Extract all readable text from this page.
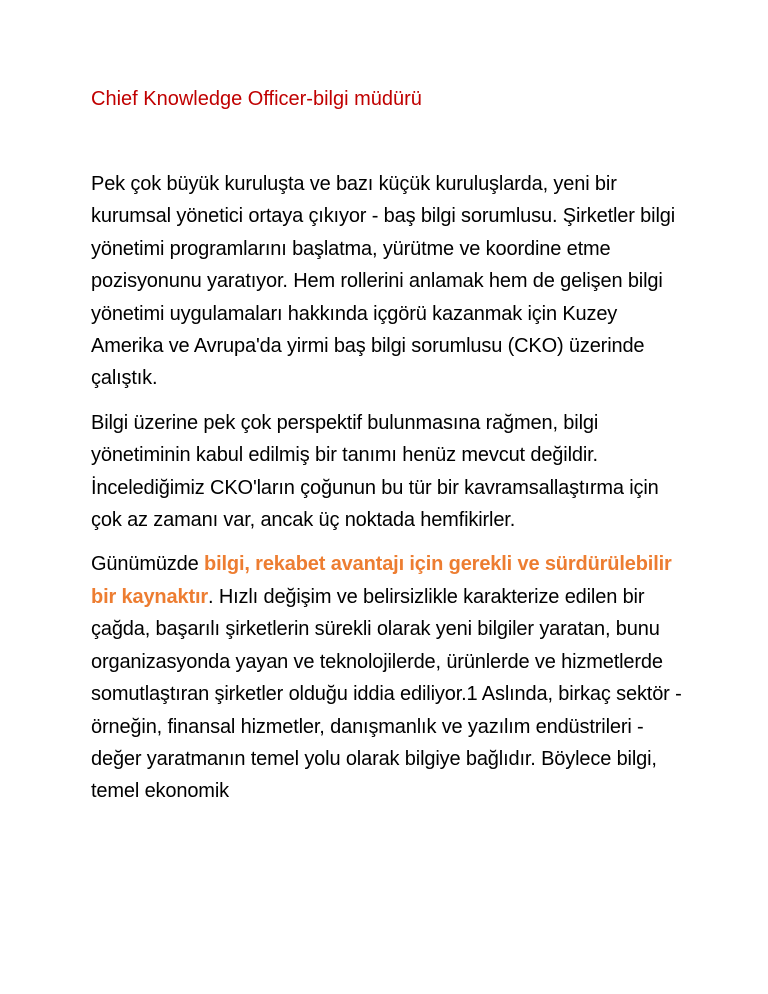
Chief Knowledge Officer-bilgi müdürü

Pek çok büyük kuruluşta ve bazı küçük kuruluşlarda, yeni bir kurumsal yönetici ortaya çıkıyor - baş bilgi sorumlusu. Şirketler bilgi yönetimi programlarını başlatma, yürütme ve koordine etme pozisyonunu yaratıyor. Hem rollerini anlamak hem de gelişen bilgi yönetimi uygulamaları hakkında içgörü kazanmak için Kuzey Amerika ve Avrupa'da yirmi baş bilgi sorumlusu (CKO) üzerinde çalıştık.

Bilgi üzerine pek çok perspektif bulunmasına rağmen, bilgi yönetiminin kabul edilmiş bir tanımı henüz mevcut değildir. İncelediğimiz CKO'ların çoğunun bu tür bir kavramsallaştırma için çok az zamanı var, ancak üç noktada hemfikirler.

Günümüzde bilgi, rekabet avantajı için gerekli ve sürdürülebilir bir kaynaktır. Hızlı değişim ve belirsizlikle karakterize edilen bir çağda, başarılı şirketlerin sürekli olarak yeni bilgiler yaratan, bunu organizasyonda yayan ve teknolojilerde, ürünlerde ve hizmetlerde somutlaştıran şirketler olduğu iddia ediliyor.1 Aslında, birkaç sektör - örneğin, finansal hizmetler, danışmanlık ve yazılım endüstrileri - değer yaratmanın temel yolu olarak bilgiye bağlıdır. Böylece bilgi, temel ekonomik
